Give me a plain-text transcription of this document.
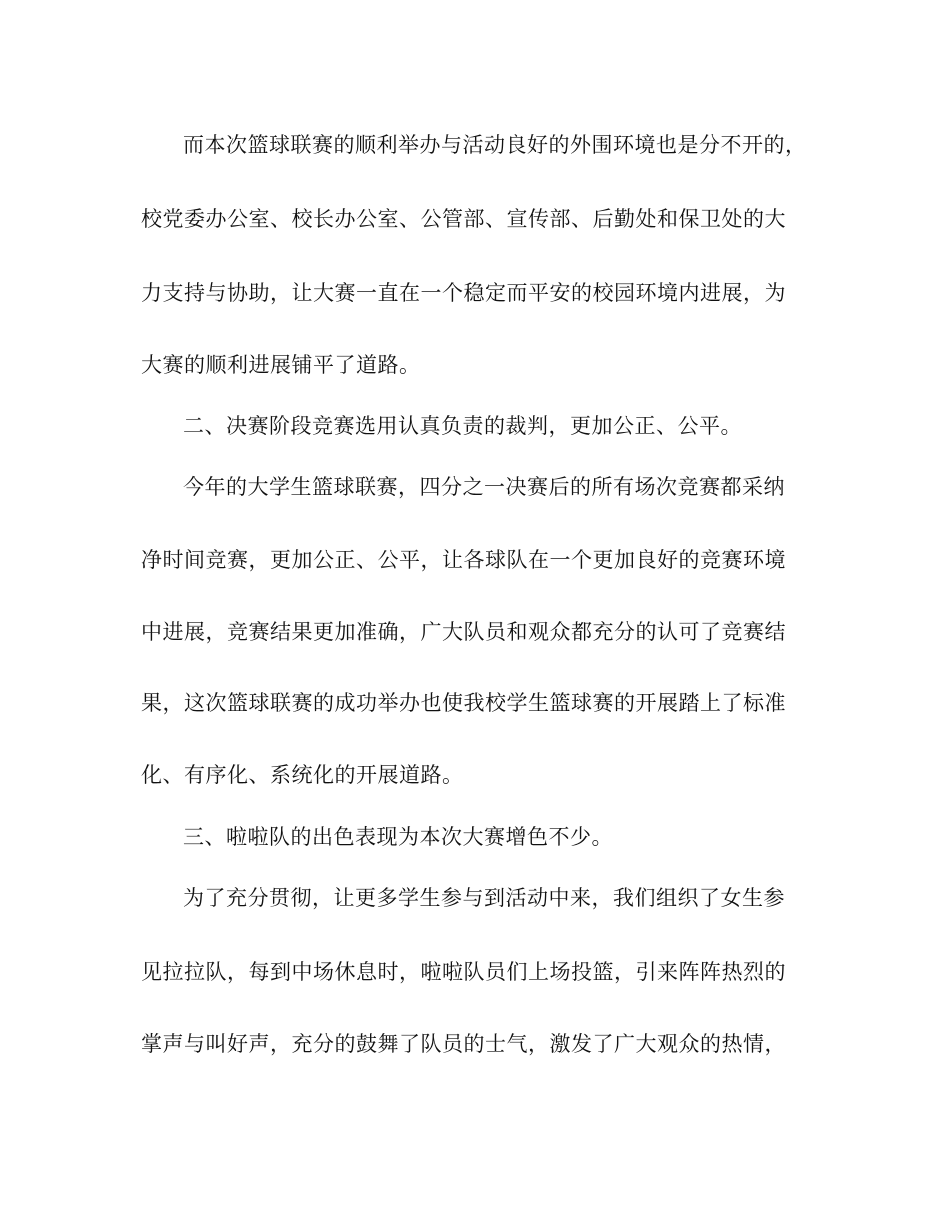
而本次篮球联赛的顺利举办与活动良好的外围环境也是分不开的，
校党委办公室、校长办公室、公管部、宣传部、后勤处和保卫处的大
力支持与协助，让大赛一直在一个稳定而平安的校园环境内进展，为
大赛的顺利进展铺平了道路。
二、决赛阶段竞赛选用认真负责的裁判，更加公正、公平。
今年的大学生篮球联赛，四分之一决赛后的所有场次竞赛都采纳
净时间竞赛，更加公正、公平，让各球队在一个更加良好的竞赛环境
中进展，竞赛结果更加准确，广大队员和观众都充分的认可了竞赛结
果，这次篮球联赛的成功举办也使我校学生篮球赛的开展踏上了标准
化、有序化、系统化的开展道路。
三、啦啦队的出色表现为本次大赛增色不少。
为了充分贯彻，让更多学生参与到活动中来，我们组织了女生参
见拉拉队，每到中场休息时，啦啦队员们上场投篮，引来阵阵热烈的
掌声与叫好声，充分的鼓舞了队员的士气，激发了广大观众的热情，
